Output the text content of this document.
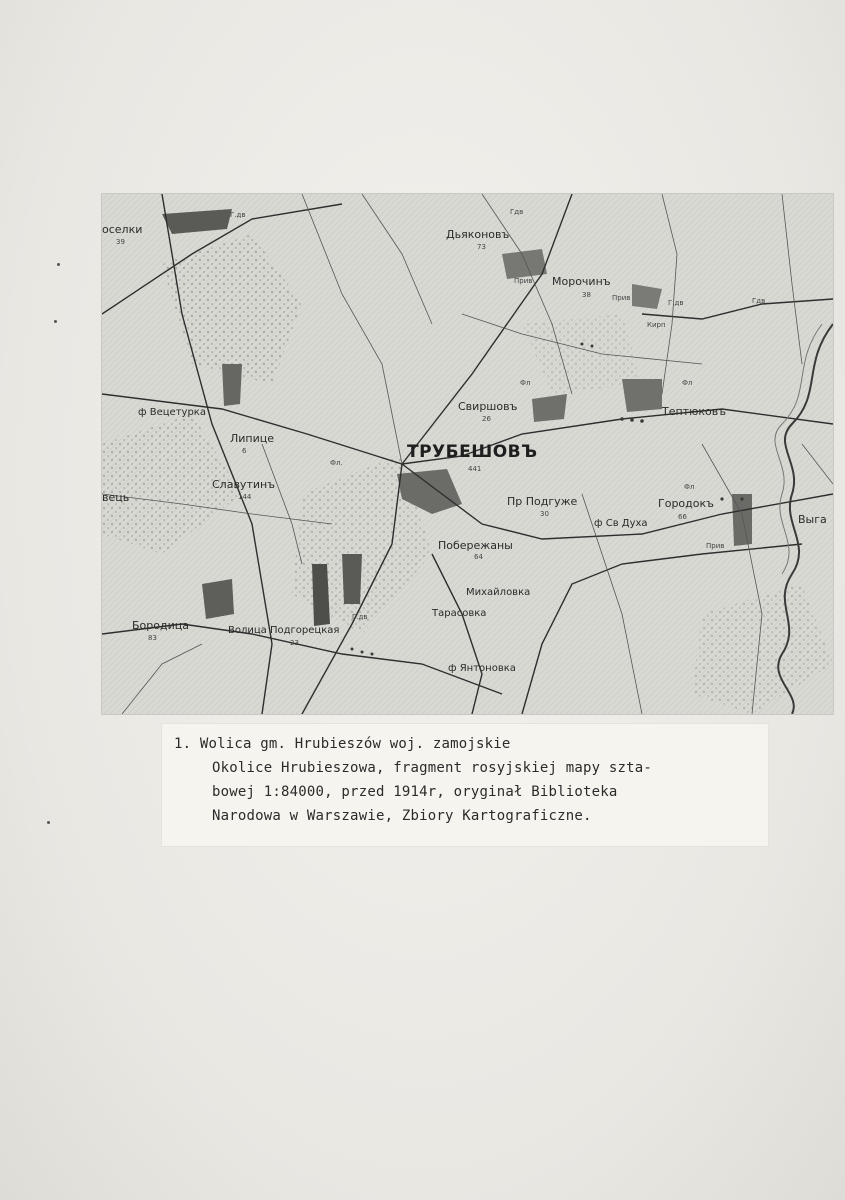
оселки
39
Г.дв
Дьяконовъ
73
Гдв
Морочинъ
38
Г.дв
Прив
Прив	Гдв
Кирп
Свиршовъ
26
Фл
Тептюковъ
Фл
Липице
6
ф Вецетурка
ТРУБЕШОВЪ
441
Фл.
Славутинъ
144
вець	Пр Подгуже
30
Городокъ
66
Фл
Выга
ф Св Духа
Прив
Побережаны
64
Михайловка
Тарасовка
Бородица
83
Волица Подгорецкая
23
Г.дв
ф Янтоновка
1. Wolica gm. Hrubieszów woj. zamojskie
Okolice Hrubieszowa, fragment rosyjskiej mapy szta-
bowej 1:84000, przed 1914r, oryginał Biblioteka
Narodowa w Warszawie, Zbiory Kartograficzne.
